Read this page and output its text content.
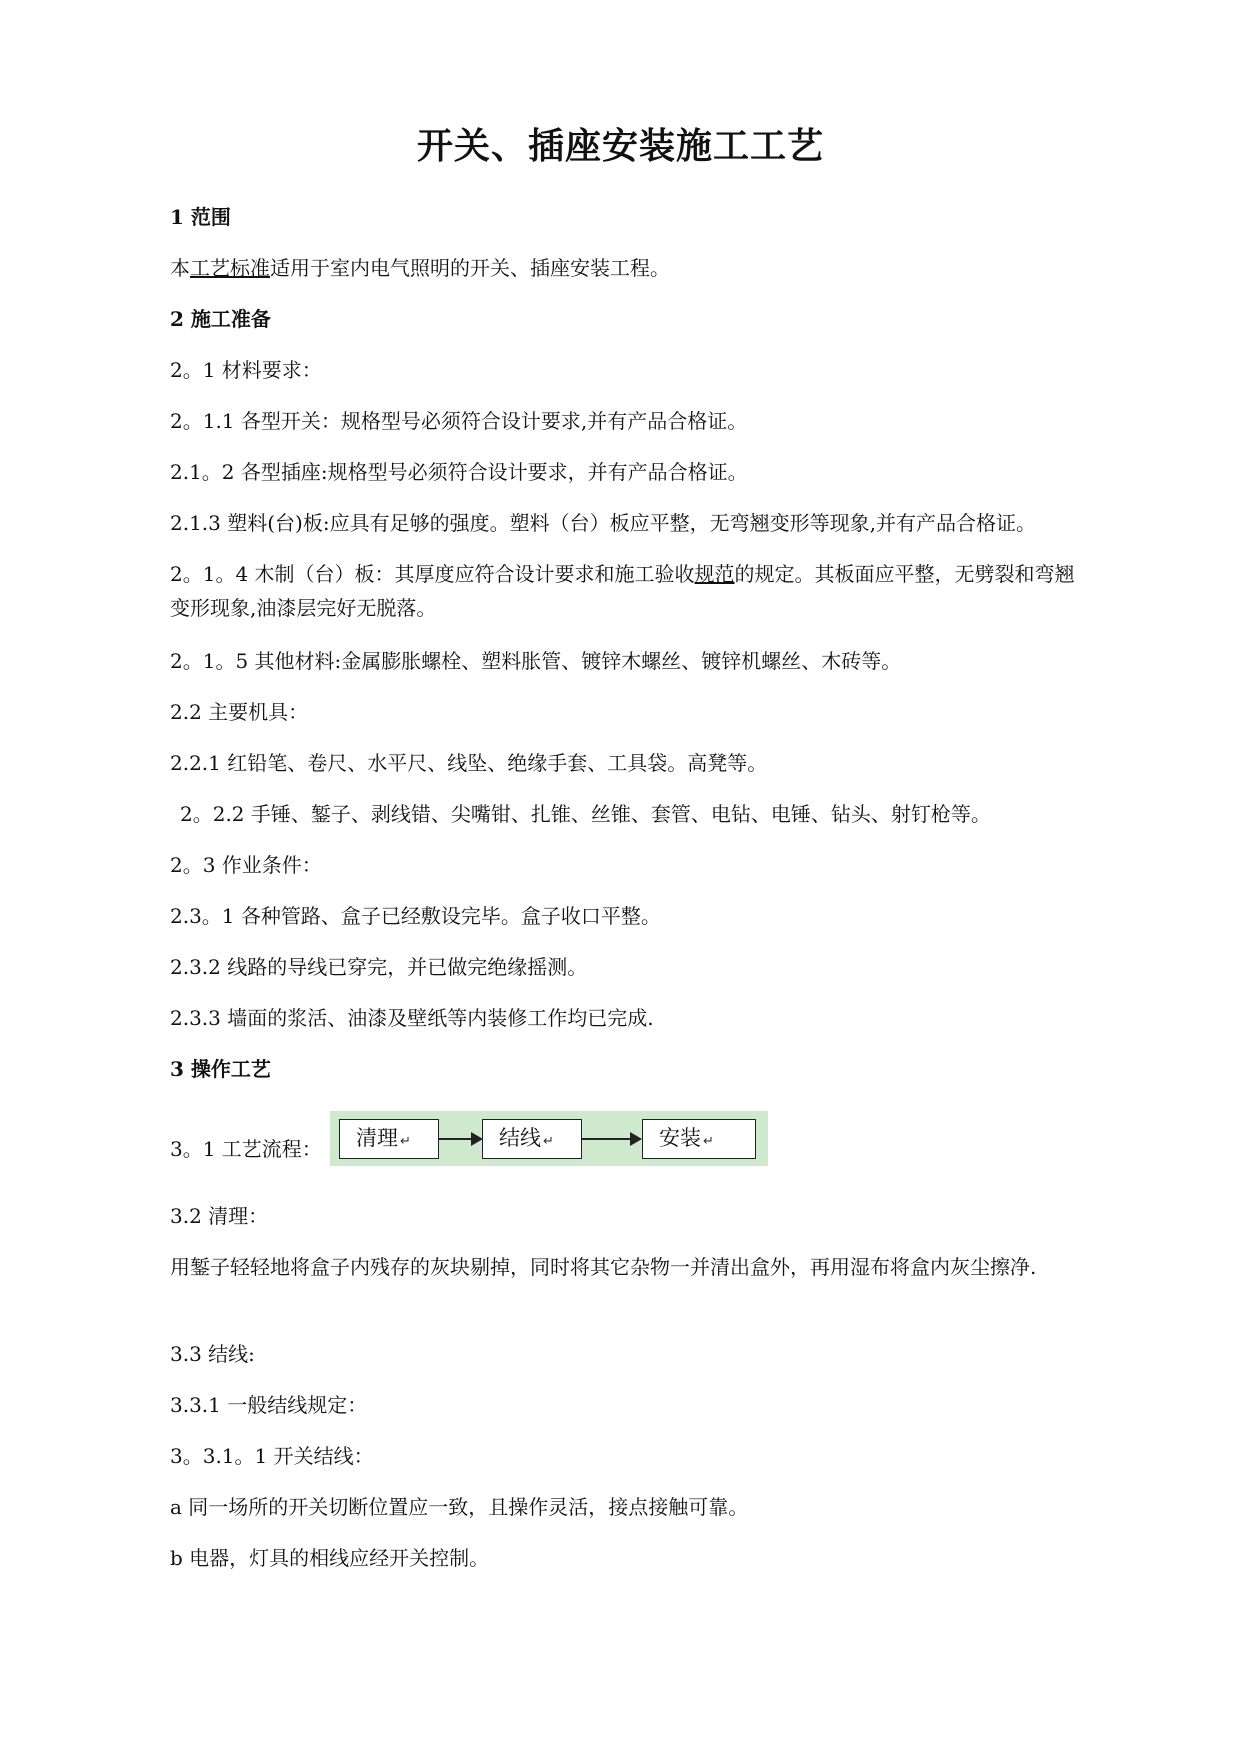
开关、插座安装施工工艺
1 范围
本工艺标准适用于室内电气照明的开关、插座安装工程。
2 施工准备
2。1 材料要求：
2。1.1 各型开关：规格型号必须符合设计要求,并有产品合格证。
2.1。2 各型插座:规格型号必须符合设计要求，并有产品合格证。
2.1.3 塑料(台)板:应具有足够的强度。塑料（台）板应平整，无弯翘变形等现象,并有产品合格证。
2。1。4 木制（台）板：其厚度应符合设计要求和施工验收规范的规定。其板面应平整，无劈裂和弯翘变形现象,油漆层完好无脱落。
2。1。5 其他材料:金属膨胀螺栓、塑料胀管、镀锌木螺丝、镀锌机螺丝、木砖等。
2.2 主要机具：
2.2.1 红铅笔、卷尺、水平尺、线坠、绝缘手套、工具袋。高凳等。
2。2.2 手锤、錾子、剥线错、尖嘴钳、扎锥、丝锥、套管、电钻、电锤、钻头、射钉枪等。
2。3 作业条件：
2.3。1 各种管路、盒子已经敷设完毕。盒子收口平整。
2.3.2 线路的导线已穿完，并已做完绝缘摇测。
2.3.3 墙面的浆活、油漆及壁纸等内装修工作均已完成.
3 操作工艺
3。1 工艺流程：	清理 ↵	结线 ↵	安装 ↵
3.2 清理：
用錾子轻轻地将盒子内残存的灰块剔掉，同时将其它杂物一并清出盒外，再用湿布将盒内灰尘擦净.
3.3 结线:
3.3.1 一般结线规定：
3。3.1。1 开关结线：
a 同一场所的开关切断位置应一致，且操作灵活，接点接触可靠。
b 电器，灯具的相线应经开关控制。
